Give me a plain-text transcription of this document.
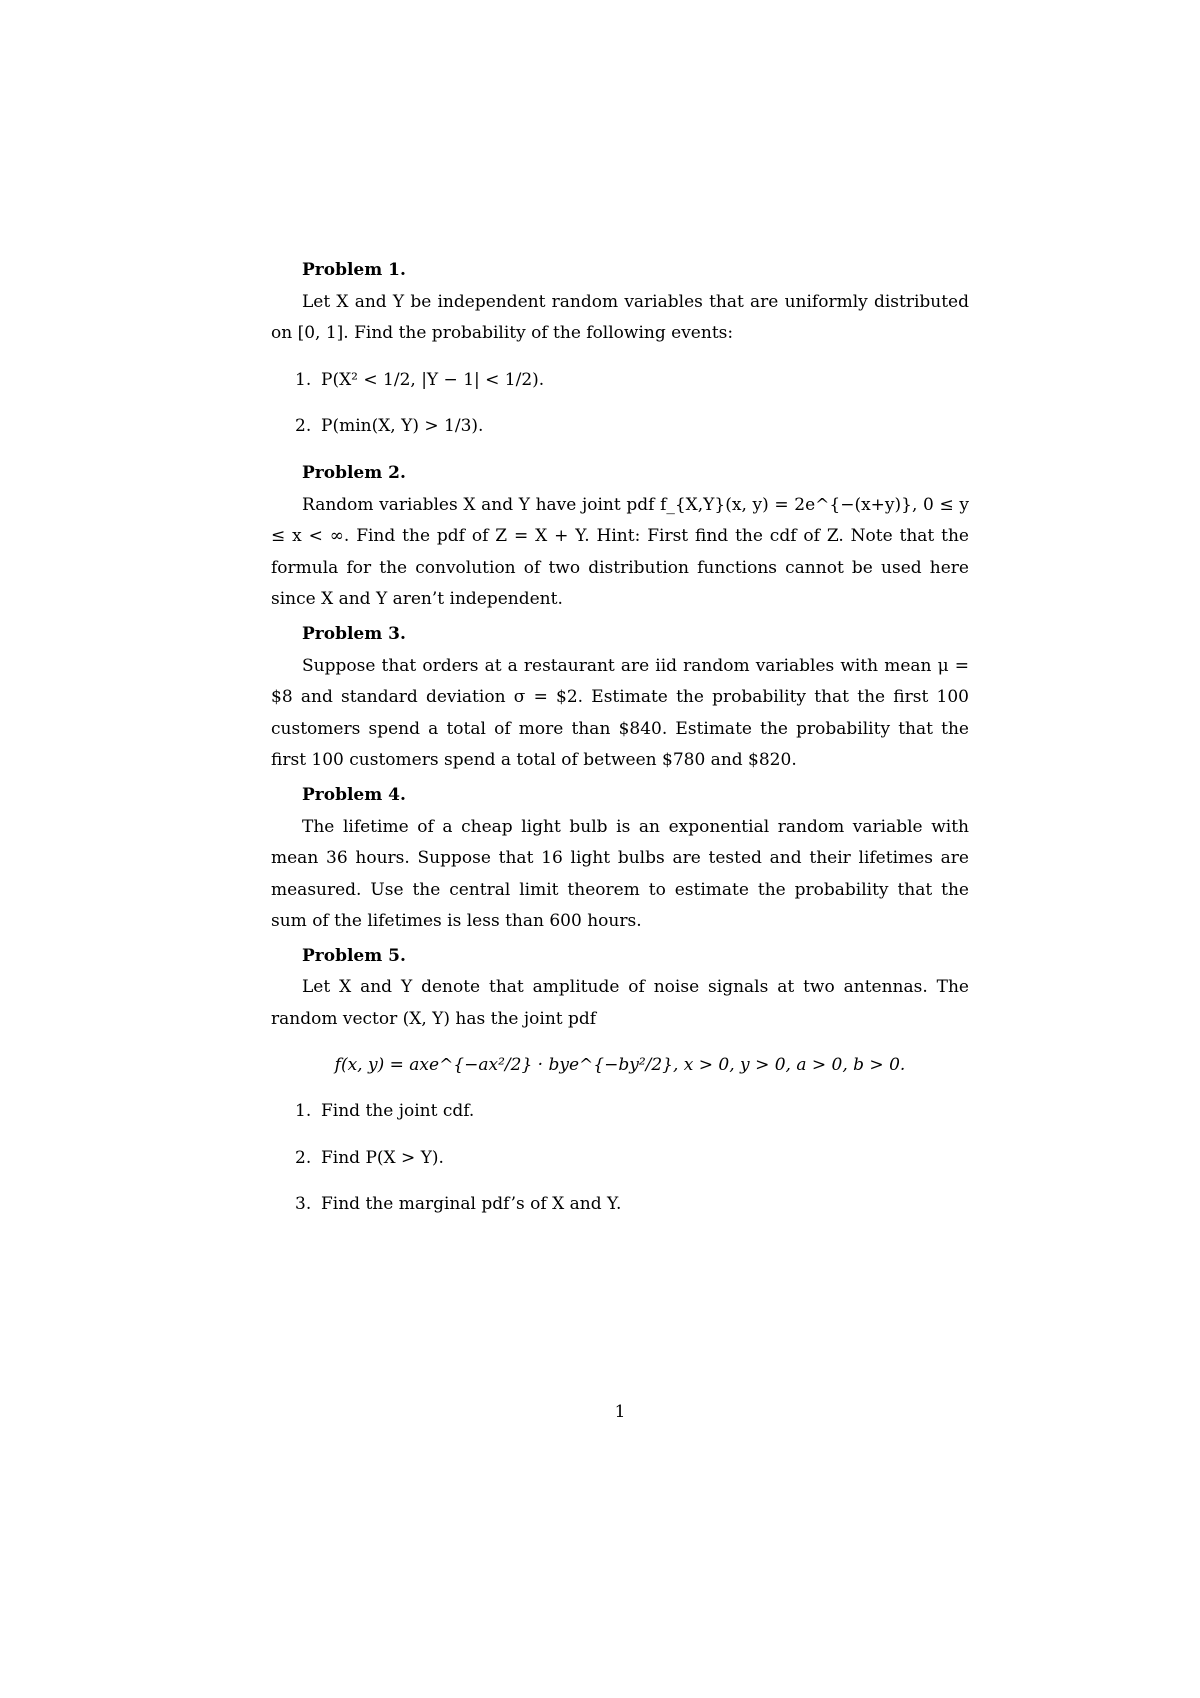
Problem 1.
Let X and Y be independent random variables that are uniformly distributed on [0, 1]. Find the probability of the following events:
1. P(X² < 1/2, |Y − 1| < 1/2).
2. P(min(X, Y) > 1/3).
Problem 2.
Random variables X and Y have joint pdf f_{X,Y}(x, y) = 2e^{−(x+y)}, 0 ≤ y ≤ x < ∞. Find the pdf of Z = X + Y. Hint: First find the cdf of Z. Note that the formula for the convolution of two distribution functions cannot be used here since X and Y aren’t independent.
Problem 3.
Suppose that orders at a restaurant are iid random variables with mean μ = $8 and standard deviation σ = $2. Estimate the probability that the first 100 customers spend a total of more than $840. Estimate the probability that the first 100 customers spend a total of between $780 and $820.
Problem 4.
The lifetime of a cheap light bulb is an exponential random variable with mean 36 hours. Suppose that 16 light bulbs are tested and their lifetimes are measured. Use the central limit theorem to estimate the probability that the sum of the lifetimes is less than 600 hours.
Problem 5.
Let X and Y denote that amplitude of noise signals at two antennas. The random vector (X, Y) has the joint pdf
f(x, y) = axe^{−ax²/2} · bye^{−by²/2}, x > 0, y > 0, a > 0, b > 0.
1. Find the joint cdf.
2. Find P(X > Y).
3. Find the marginal pdf’s of X and Y.
1
